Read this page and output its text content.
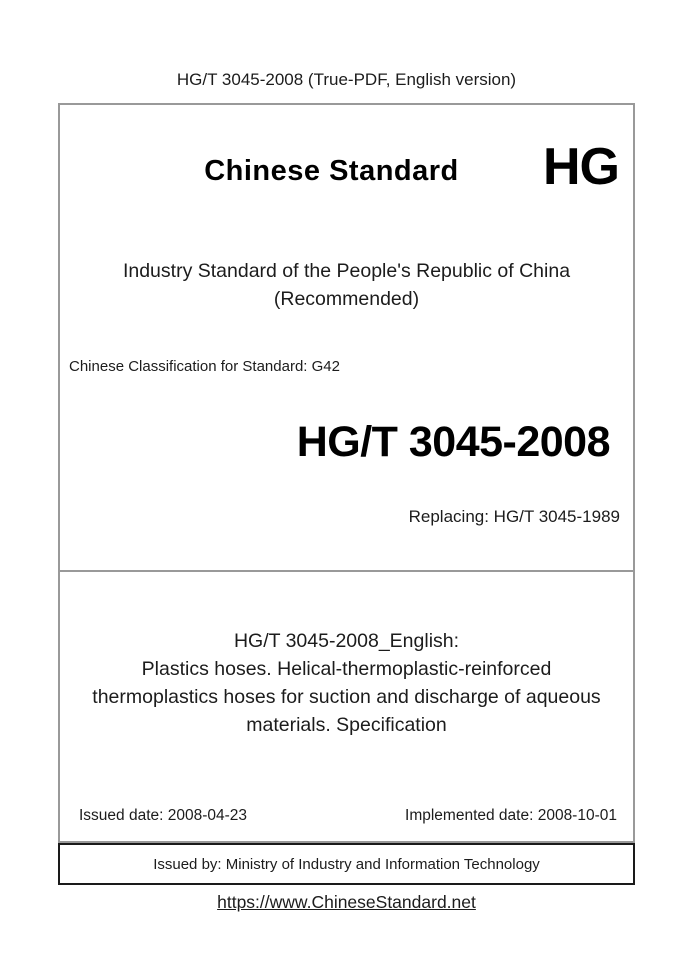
HG/T 3045-2008 (True-PDF, English version)
Chinese Standard HG
Industry Standard of the People's Republic of China
(Recommended)
Chinese Classification for Standard: G42
HG/T 3045-2008
Replacing: HG/T 3045-1989
HG/T 3045-2008_English:
Plastics hoses. Helical-thermoplastic-reinforced
thermoplastics hoses for suction and discharge of aqueous
materials. Specification
Issued date: 2008-04-23	Implemented date: 2008-10-01
Issued by: Ministry of Industry and Information Technology
https://www.ChineseStandard.net
